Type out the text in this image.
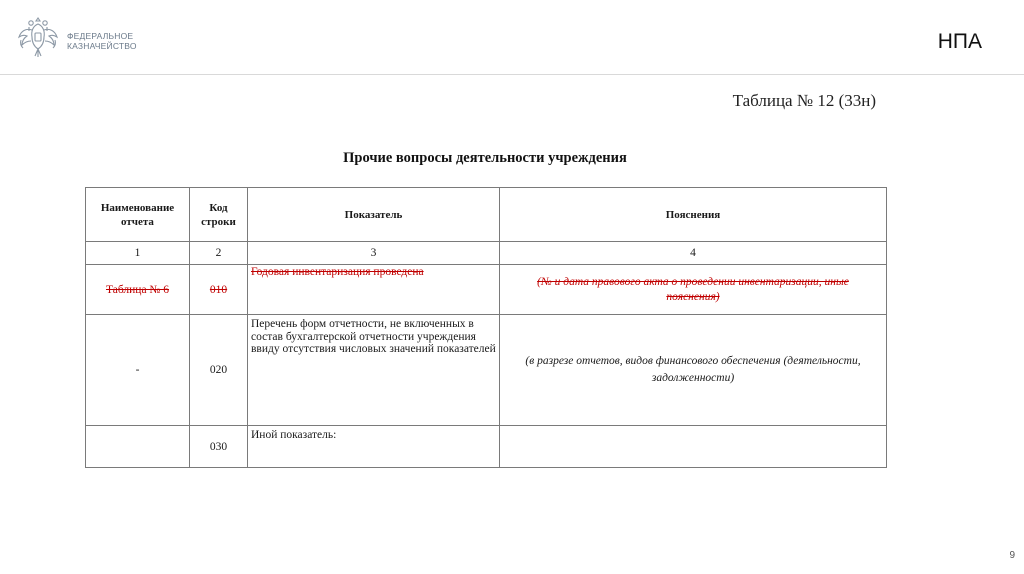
ФЕДЕРАЛЬНОЕ
КАЗНАЧЕЙСТВО	НПА
Таблица № 12 (33н)
Прочие вопросы деятельности учреждения
Наименование отчета	Код строки	Показатель	Пояснения
1	2	3	4
Таблица № 6	010	Годовая инвентаризация проведена	(№ и дата правового акта о проведении инвентаризации, иные пояснения)
-	020	Перечень форм отчетности, не включенных в состав бухгалтерской отчетности учреждения ввиду отсутствия числовых значений показателей	(в разрезе отчетов, видов финансового обеспечения (деятельности, задолженности)
	030	Иной показатель:	
9
